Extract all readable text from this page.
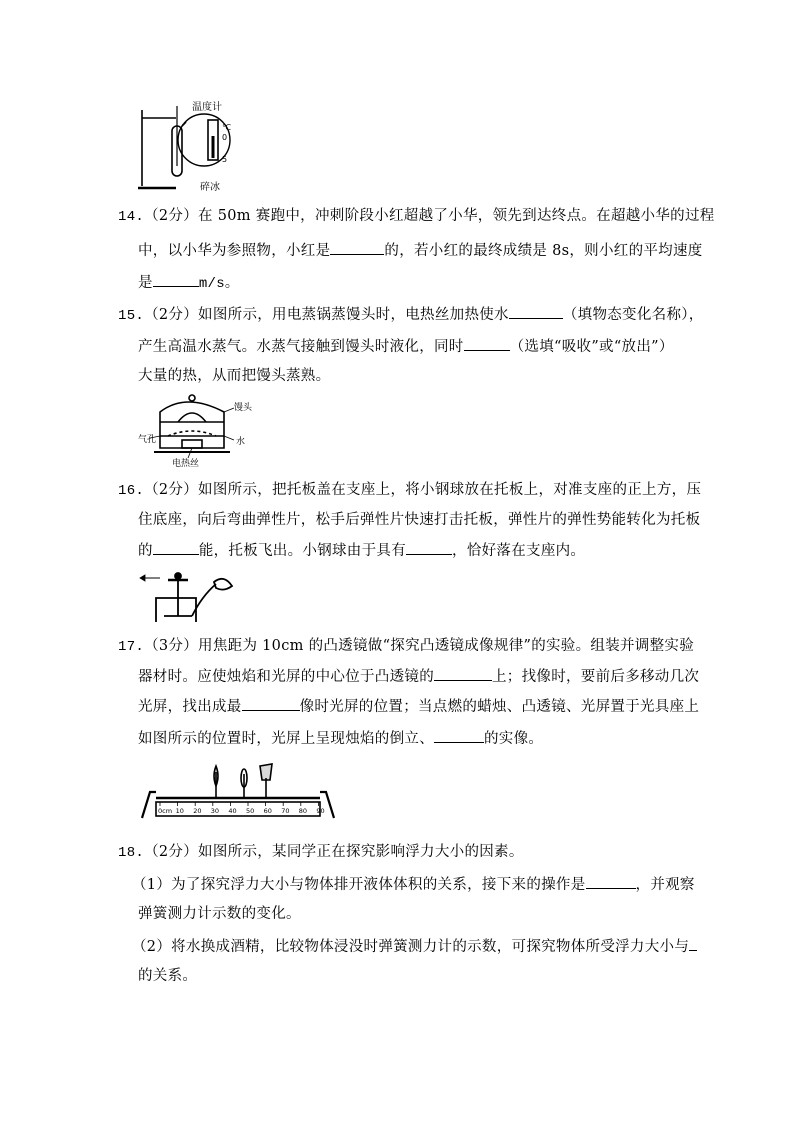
温度计
℃
0
5
碎冰
14.（2分）在 50m 赛跑中，冲刺阶段小红超越了小华，领先到达终点。在超越小华的过程
中，以小华为参照物，小红是	的，若小红的最终成绩是 8s，则小红的平均速度
是	m/s。
15.（2分）如图所示，用电蒸锅蒸馒头时，电热丝加热使水	（填物态变化名称），
产生高温水蒸气。水蒸气接触到馒头时液化，同时	（选填“吸收”或“放出”）
大量的热，从而把馒头蒸熟。
馒头
气孔	水
电热丝
16.（2分）如图所示，把托板盖在支座上，将小钢球放在托板上，对准支座的正上方，压
住底座，向后弯曲弹性片，松手后弹性片快速打击托板，弹性片的弹性势能转化为托板
的	能，托板飞出。小钢球由于具有	，恰好落在支座内。
17.（3分）用焦距为 10cm 的凸透镜做“探究凸透镜成像规律”的实验。组装并调整实验
器材时。应使烛焰和光屏的中心位于凸透镜的	上；找像时，要前后多移动几次
光屏，找出成最	像时光屏的位置；当点燃的蜡烛、凸透镜、光屏置于光具座上
如图所示的位置时，光屏上呈现烛焰的倒立、	的实像。
0cm 10 20 30 40 50 60 70 80 90
18.（2分）如图所示，某同学正在探究影响浮力大小的因素。
（1）为了探究浮力大小与物体排开液体体积的关系，接下来的操作是	，并观察
弹簧测力计示数的变化。
（2）将水换成酒精，比较物体浸没时弹簧测力计的示数，可探究物体所受浮力大小与
的关系。
